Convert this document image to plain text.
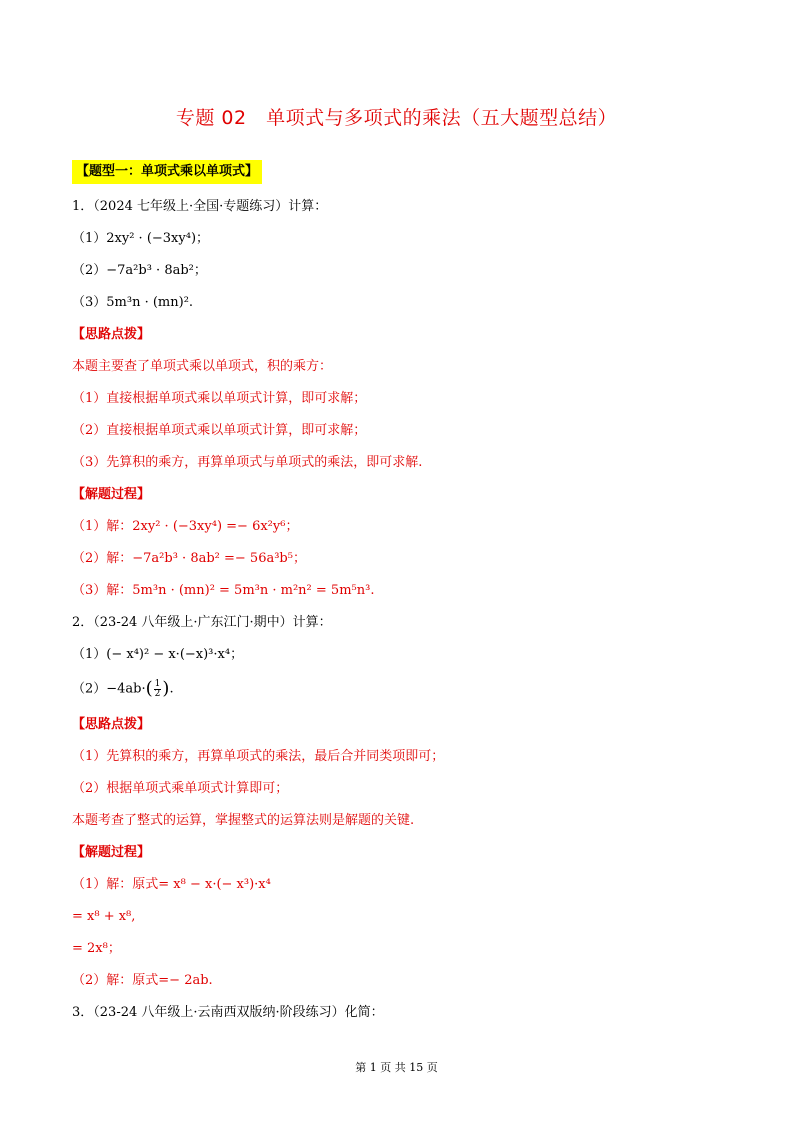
专题 02　单项式与多项式的乘法（五大题型总结）
【题型一：单项式乘以单项式】
1．（2024 七年级上·全国·专题练习）计算：
（1）2xy² · (−3xy⁴)；
（2）−7a²b³ · 8ab²；
（3）5m³n · (mn)².
【思路点拨】
本题主要查了单项式乘以单项式，积的乘方：
（1）直接根据单项式乘以单项式计算，即可求解；
（2）直接根据单项式乘以单项式计算，即可求解；
（3）先算积的乘方，再算单项式与单项式的乘法，即可求解.
【解题过程】
（1）解：2xy² · (−3xy⁴) =− 6x²y⁶；
（2）解：−7a²b³ · 8ab² =− 56a³b⁵；
（3）解：5m³n · (mn)² = 5m³n · m²n² = 5m⁵n³.
2．（23-24 八年级上·广东江门·期中）计算：
（1）(− x⁴)² − x·(−x)³·x⁴；
$(2)-4ab\cdot( \frac{1}{2}$ ).
【思路点拨】
（1）先算积的乘方，再算单项式的乘法，最后合并同类项即可；
（2）根据单项式乘单项式计算即可；
本题考查了整式的运算，掌握整式的运算法则是解题的关键.
【解题过程】
（1）解：原式= x⁸ − x·(− x³)·x⁴
= x⁸ + x⁸,
= 2x⁸；
（2）解：原式=− 2ab.
3．（23-24 八年级上·云南西双版纳·阶段练习）化简：
第 1 页 共 15 页
